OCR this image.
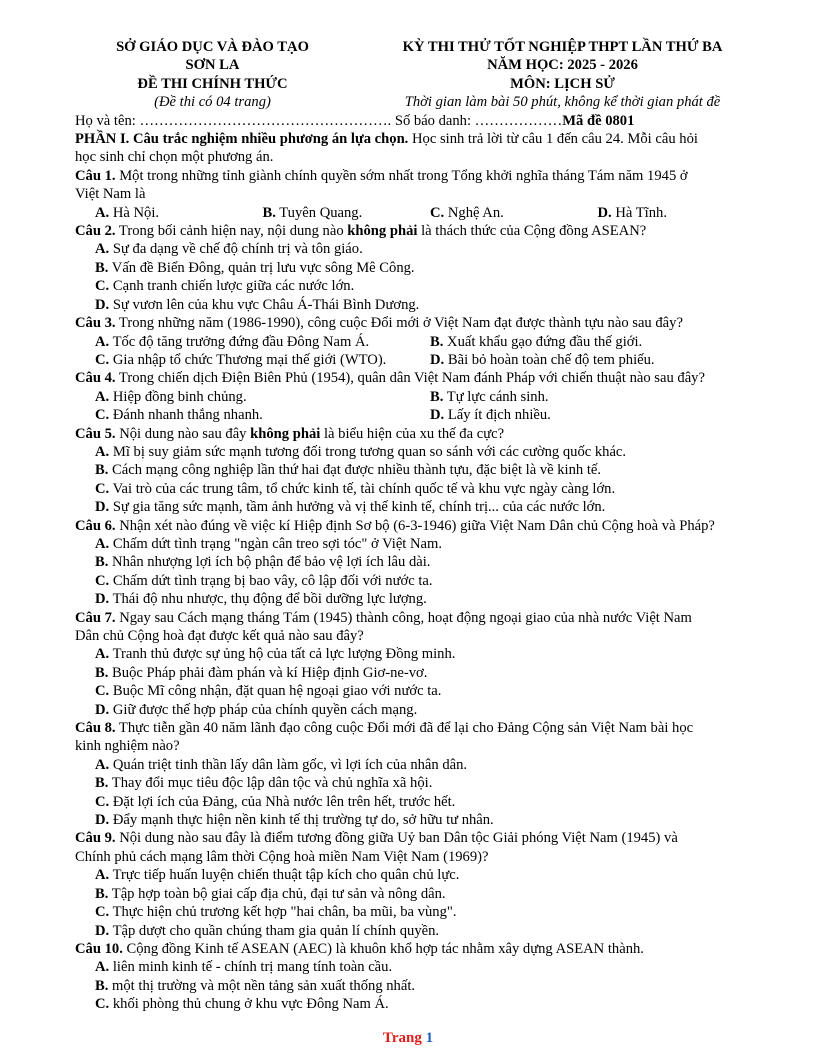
SỞ GIÁO DỤC VÀ ĐÀO TẠO
SƠN LA
ĐỀ THI CHÍNH THỨC
(Đề thi có 04 trang)
KỲ THI THỬ TỐT NGHIỆP THPT LẦN THỨ BA
NĂM HỌC: 2025 - 2026
MÔN: LỊCH SỬ
Thời gian làm bài 50 phút, không kể thời gian phát đề
Họ và tên: ……………………………………………. Số báo danh: ………………Mã đề 0801
PHẦN I. Câu trắc nghiệm nhiều phương án lựa chọn. Học sinh trả lời từ câu 1 đến câu 24. Mỗi câu hỏi
học sinh chỉ chọn một phương án.
Câu 1. Một trong những tỉnh giành chính quyền sớm nhất trong Tổng khởi nghĩa tháng Tám năm 1945 ở
Việt Nam là
A. Hà Nội.	B. Tuyên Quang.	C. Nghệ An.	D. Hà Tĩnh.
Câu 2. Trong bối cảnh hiện nay, nội dung nào không phải là thách thức của Cộng đồng ASEAN?
A. Sự đa dạng về chế độ chính trị và tôn giáo.
B. Vấn đề Biển Đông, quản trị lưu vực sông Mê Công.
C. Cạnh tranh chiến lược giữa các nước lớn.
D. Sự vươn lên của khu vực Châu Á-Thái Bình Dương.
Câu 3. Trong những năm (1986-1990), công cuộc Đổi mới ở Việt Nam đạt được thành tựu nào sau đây?
A. Tốc độ tăng trưởng đứng đầu Đông Nam Á.	B. Xuất khẩu gạo đứng đầu thế giới.
C. Gia nhập tổ chức Thương mại thế giới (WTO).	D. Bãi bỏ hoàn toàn chế độ tem phiếu.
Câu 4. Trong chiến dịch Điện Biên Phủ (1954), quân dân Việt Nam đánh Pháp với chiến thuật nào sau đây?
A. Hiệp đồng binh chủng.	B. Tự lực cánh sinh.
C. Đánh nhanh thắng nhanh.	D. Lấy ít địch nhiều.
Câu 5. Nội dung nào sau đây không phải là biểu hiện của xu thế đa cực?
A. Mĩ bị suy giảm sức mạnh tương đối trong tương quan so sánh với các cường quốc khác.
B. Cách mạng công nghiệp lần thứ hai đạt được nhiều thành tựu, đặc biệt là về kinh tế.
C. Vai trò của các trung tâm, tổ chức kinh tế, tài chính quốc tế và khu vực ngày càng lớn.
D. Sự gia tăng sức mạnh, tầm ảnh hưởng và vị thế kinh tế, chính trị... của các nước lớn.
Câu 6. Nhận xét nào đúng về việc kí Hiệp định Sơ bộ (6-3-1946) giữa Việt Nam Dân chủ Cộng hoà và Pháp?
A. Chấm dứt tình trạng "ngàn cân treo sợi tóc" ở Việt Nam.
B. Nhân nhượng lợi ích bộ phận để bảo vệ lợi ích lâu dài.
C. Chấm dứt tình trạng bị bao vây, cô lập đối với nước ta.
D. Thái độ nhu nhược, thụ động để bồi dưỡng lực lượng.
Câu 7. Ngay sau Cách mạng tháng Tám (1945) thành công, hoạt động ngoại giao của nhà nước Việt Nam
Dân chủ Cộng hoà đạt được kết quả nào sau đây?
A. Tranh thủ được sự ủng hộ của tất cả lực lượng Đồng minh.
B. Buộc Pháp phải đàm phán và kí Hiệp định Giơ-ne-vơ.
C. Buộc Mĩ công nhận, đặt quan hệ ngoại giao với nước ta.
D. Giữ được thế hợp pháp của chính quyền cách mạng.
Câu 8. Thực tiễn gần 40 năm lãnh đạo công cuộc Đổi mới đã để lại cho Đảng Cộng sản Việt Nam bài học
kinh nghiệm nào?
A. Quán triệt tinh thần lấy dân làm gốc, vì lợi ích của nhân dân.
B. Thay đổi mục tiêu độc lập dân tộc và chủ nghĩa xã hội.
C. Đặt lợi ích của Đảng, của Nhà nước lên trên hết, trước hết.
D. Đẩy mạnh thực hiện nền kinh tế thị trường tự do, sở hữu tư nhân.
Câu 9. Nội dung nào sau đây là điểm tương đồng giữa Uỷ ban Dân tộc Giải phóng Việt Nam (1945) và
Chính phủ cách mạng lâm thời Cộng hoà miền Nam Việt Nam (1969)?
A. Trực tiếp huấn luyện chiến thuật tập kích cho quân chủ lực.
B. Tập hợp toàn bộ giai cấp địa chủ, đại tư sản và nông dân.
C. Thực hiện chủ trương kết hợp "hai chân, ba mũi, ba vùng".
D. Tập dượt cho quần chúng tham gia quản lí chính quyền.
Câu 10. Cộng đồng Kinh tế ASEAN (AEC) là khuôn khổ hợp tác nhằm xây dựng ASEAN thành.
A. liên minh kinh tế - chính trị mang tính toàn cầu.
B. một thị trường và một nền tảng sản xuất thống nhất.
C. khối phòng thủ chung ở khu vực Đông Nam Á.
Trang 1
